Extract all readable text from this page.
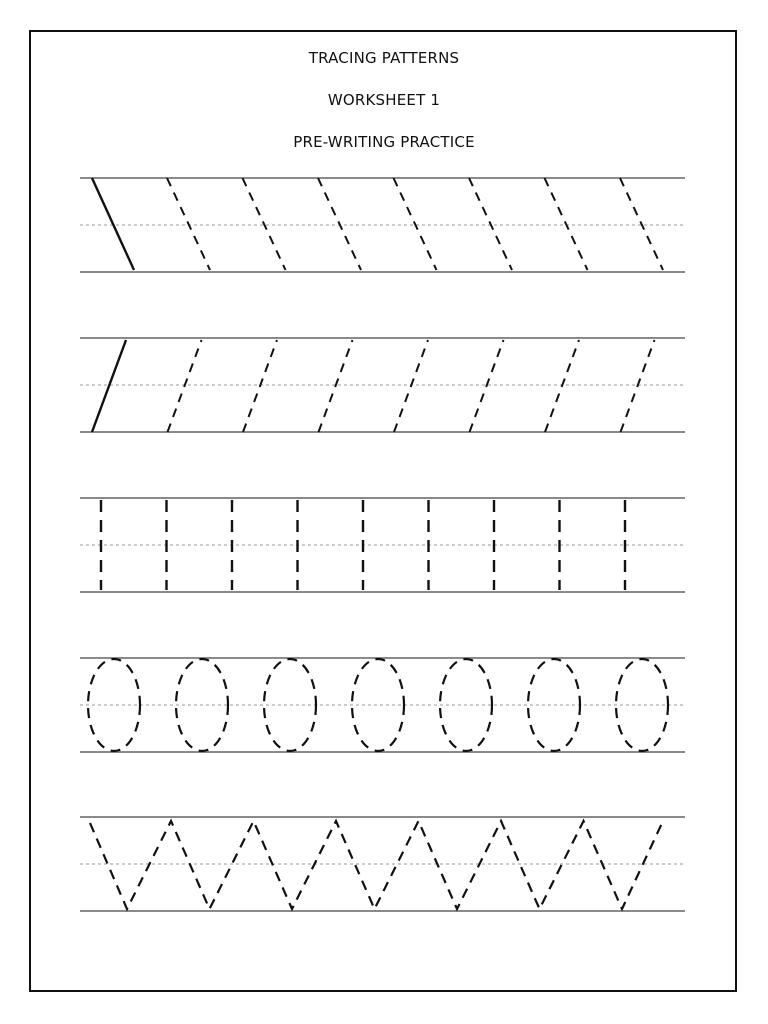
TRACING PATTERNS
WORKSHEET 1
PRE-WRITING PRACTICE
